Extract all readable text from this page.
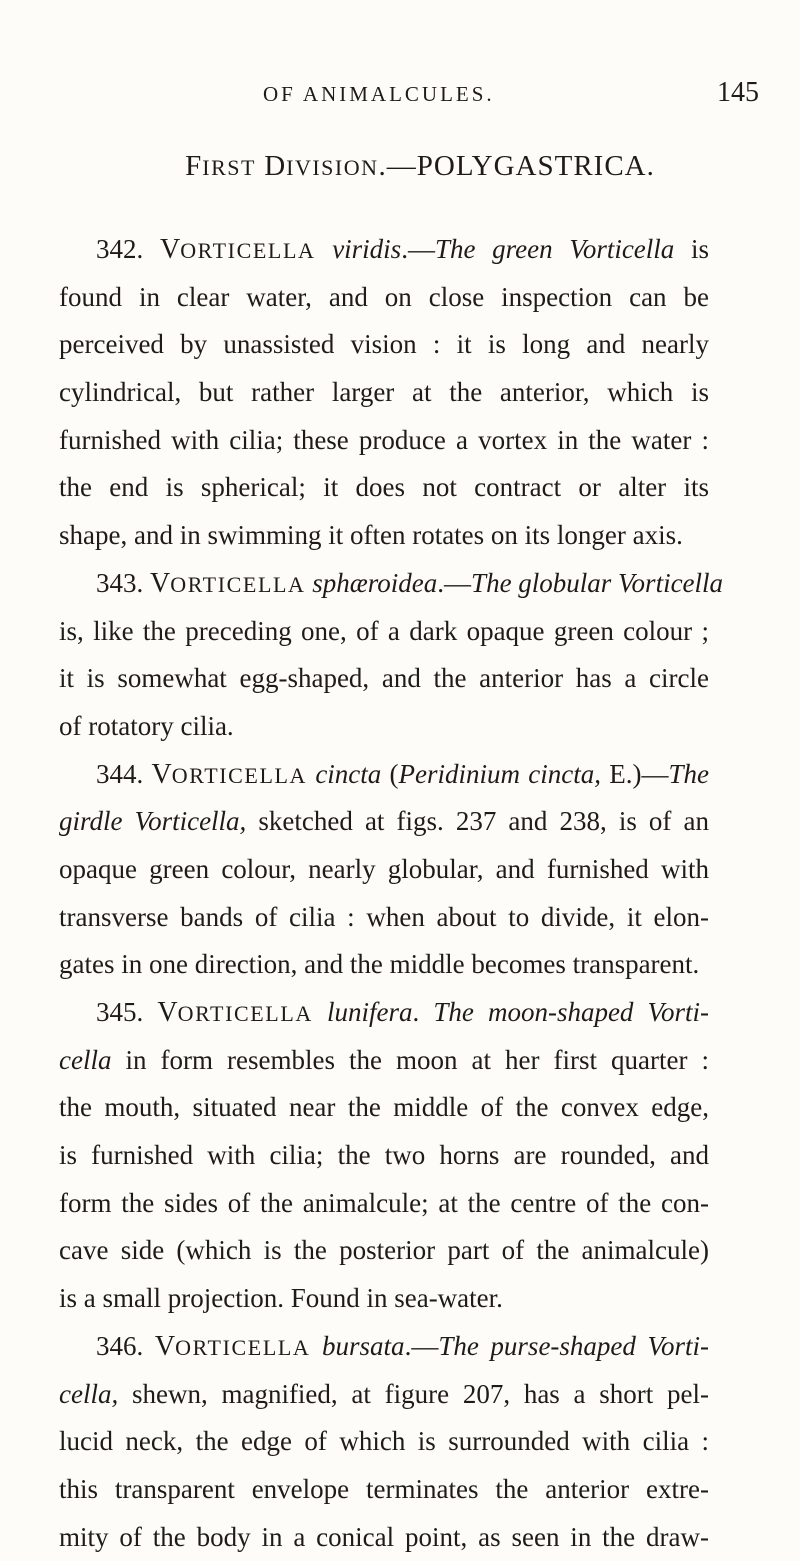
OF ANIMALCULES.	145
FIRST DIVISION.—POLYGASTRICA.
342. VORTICELLA viridis.—The green Vorticella is
found in clear water, and on close inspection can be
perceived by unassisted vision : it is long and nearly
cylindrical, but rather larger at the anterior, which is
furnished with cilia; these produce a vortex in the water :
the end is spherical; it does not contract or alter its
shape, and in swimming it often rotates on its longer axis.
343. VORTICELLA sphæroidea.—The globular Vorticella
is, like the preceding one, of a dark opaque green colour ;
it is somewhat egg-shaped, and the anterior has a circle
of rotatory cilia.
344. VORTICELLA cincta (Peridinium cincta, E.)—The
girdle Vorticella, sketched at figs. 237 and 238, is of an
opaque green colour, nearly globular, and furnished with
transverse bands of cilia : when about to divide, it elon-
gates in one direction, and the middle becomes transparent.
345. VORTICELLA lunifera. The moon-shaped Vorti-
cella in form resembles the moon at her first quarter :
the mouth, situated near the middle of the convex edge,
is furnished with cilia; the two horns are rounded, and
form the sides of the animalcule; at the centre of the con-
cave side (which is the posterior part of the animalcule)
is a small projection. Found in sea-water.
346. VORTICELLA bursata.—The purse-shaped Vorti-
cella, shewn, magnified, at figure 207, has a short pel-
lucid neck, the edge of which is surrounded with cilia :
this transparent envelope terminates the anterior extre-
mity of the body in a conical point, as seen in the draw-
